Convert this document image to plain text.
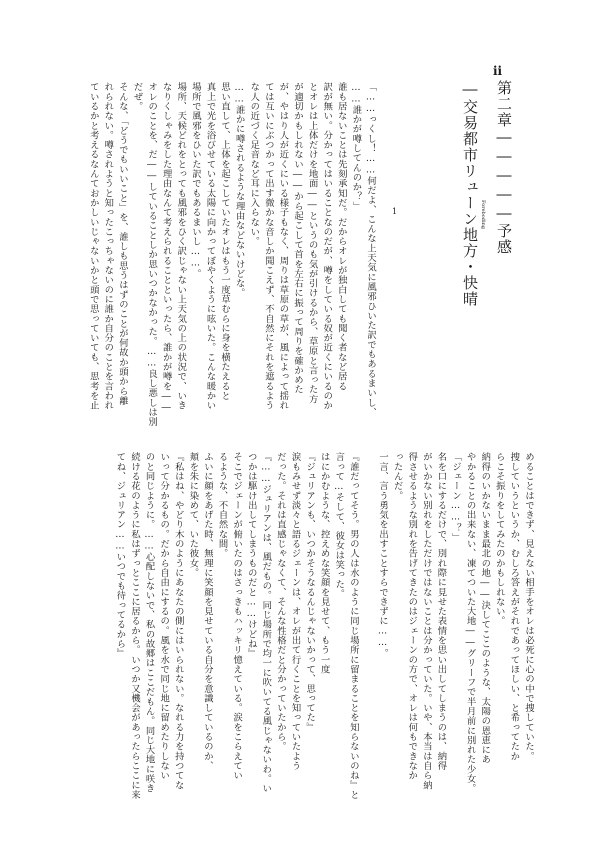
ii
第二章―――――予感
Foreboding
―交易都市リューン地方・快晴
1
「……っくし！……何だよ、こんな上天気に風邪ひいた訳でもあるまいし、
……誰かが噂してんのか？」
誰も居ないことは先刻承知だ。だからオレが独白しても聞く者など居る
訳が無い。分かってはいることなのだが、噂をしている奴が近くにいるのか
とオレは上体だけを地面――というのも気が引けるから、草原と言った方
が適切かもしれない――から起こして首を左右に振って周りを確かめた
が、やはり人が近くにいる様子もなく、周りは草原の草が、風によって揺れ
ては互いにぶつかって出す微かな音しか聞こえず、不自然にそれを遮るよう
な人の近づく足音など耳に入らない。
……誰かに噂されるような理由などないけどな。
思い直して、上体を起こしていたオレはもう一度草むらに身を横たえると
真上で光を浴びせている太陽に向かってぼやくように呟いた。こんな暖かい
場所で風邪をひいた訳でもあるまいし……。
場所、天候どれをとっても風邪をひく訳じゃない上天気の上の状況で、いき
なりくしゃみをした理由なんて考えられることといったら、誰かが噂を――
オレのことを、だ――していることしか思いつかなかった。……良し悪しは別
だぜ。
そんな、「どうでもいいこと」を、誰しも思うはずのことが何故か頭から離
れられない。噂されようと知ったこっちゃないのに誰か自分のことを言われ
ているかと考えるなんておかしいじゃないかと頭で思っていても、思考を止
めることはできず、見えない相手をオレは必死に心の中で捜していた。
捜していうというか、むしろ答えがそれであってほしい、と希ってたか
らこそ振りをしてみたのかもしれない。
納得のいかないまま最北の地――決してここのような、太陽の恩恵にあ
やかることの出来ない、凍てついた大地――グリーフで半月前に別れた少女。
「ジェーン……？」
名を口にするだけで、別れ際に見せた表情を思い出してしまうのは、納得
がいかない別れをしただけではないことは分かっていた。いや、本当は自ら納
得させるような別れを告げてきたのはジェーンの方で、オレは何もできなか
ったんだ。
一言、言う勇気を出すことすらできずに……。

『誰だってそう。男の人は水のように同じ場所に留まることを知らないのね』と
言って…そして、彼女は笑った。
はにかむような、控えめな笑顔を見せて、もう一度
『ジュリアンも、いつかそうなるんじゃないかって、思ってた』
涙もみせず淡々と語るジェーンは、オレが出て行くことを知っていたよう
だった。それは直感じゃなくて、そんな性格だと分かっていたから。
『……ジュリアンは、風だもの。同じ場所で均一に吹いてる風じゃないわ。い
つかは駆け出してしまうものだと……けどね』
そこでジェーンが俯いたのはさっきもハッキリ憶えている。涙をこらえてい
るような、不自然な間。
ふいに顔をあげた時、無理に笑顔を見せている自分を意識しているのか、
頬を朱に染めて、いた彼女。
『私はね、やどり木のようにあなたの側にはいられない。なれる力を持つてな
いって分かるもの。だから自由にするの。風を水で同じ地に留めたりしない
のと同じように。……心配しないで、私の故郷はここだもん。同じ大地に咲き
続ける花のように私はずっとここに居るから。いつか又機会があったらここに来
てね、ジュリアン……いつでも待ってるから』
